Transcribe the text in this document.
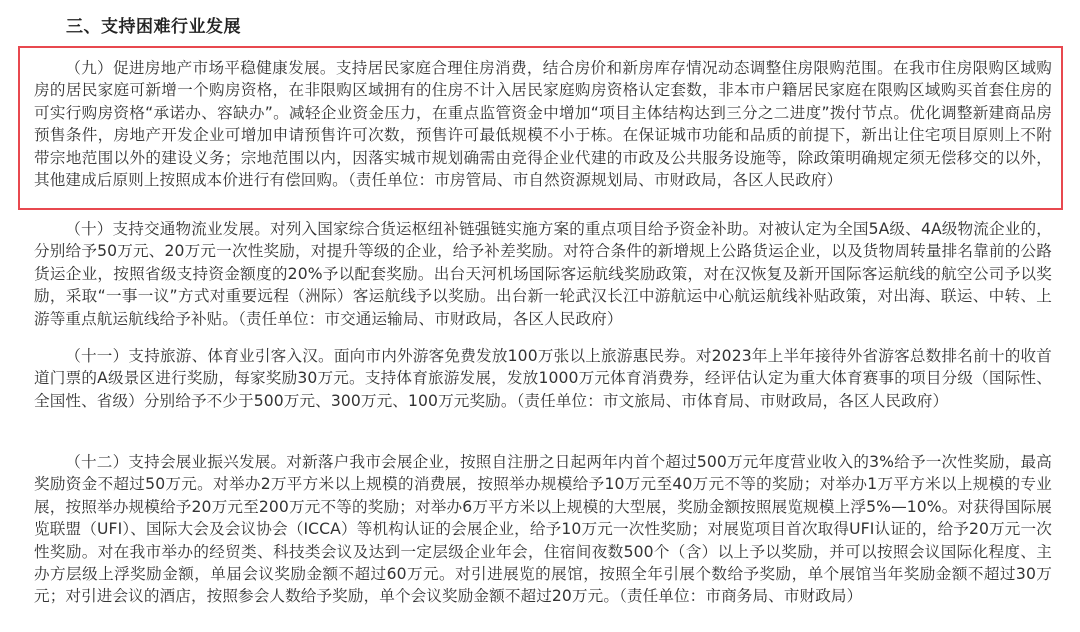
三、支持困难行业发展

（九）促进房地产市场平稳健康发展。支持居民家庭合理住房消费，结合房价和新房库存情况动态调整住房限购范围。在我市住房限购区域购房的居民家庭可新增一个购房资格，在非限购区域拥有的住房不计入居民家庭购房资格认定套数，非本市户籍居民家庭在限购区域购买首套住房的可实行购房资格“承诺办、容缺办”。减轻企业资金压力，在重点监管资金中增加“项目主体结构达到三分之二进度”拨付节点。优化调整新建商品房预售条件，房地产开发企业可增加申请预售许可次数，预售许可最低规模不小于栋。在保证城市功能和品质的前提下，新出让住宅项目原则上不附带宗地范围以外的建设义务；宗地范围以内，因落实城市规划确需由竞得企业代建的市政及公共服务设施等，除政策明确规定须无偿移交的以外，其他建成后原则上按照成本价进行有偿回购。（责任单位：市房管局、市自然资源规划局、市财政局，各区人民政府）

（十）支持交通物流业发展。对列入国家综合货运枢纽补链强链实施方案的重点项目给予资金补助。对被认定为全国5A级、4A级物流企业的，分别给予50万元、20万元一次性奖励，对提升等级的企业，给予补差奖励。对符合条件的新增规上公路货运企业，以及货物周转量排名靠前的公路货运企业，按照省级支持资金额度的20%予以配套奖励。出台天河机场国际客运航线奖励政策，对在汉恢复及新开国际客运航线的航空公司予以奖励，采取“一事一议”方式对重要远程（洲际）客运航线予以奖励。出台新一轮武汉长江中游航运中心航运航线补贴政策，对出海、联运、中转、上游等重点航运航线给予补贴。（责任单位：市交通运输局、市财政局，各区人民政府）

（十一）支持旅游、体育业引客入汉。面向市内外游客免费发放100万张以上旅游惠民券。对2023年上半年接待外省游客总数排名前十的收首道门票的A级景区进行奖励，每家奖励30万元。支持体育旅游发展，发放1000万元体育消费券，经评估认定为重大体育赛事的项目分级（国际性、全国性、省级）分别给予不少于500万元、300万元、100万元奖励。（责任单位：市文旅局、市体育局、市财政局，各区人民政府）

（十二）支持会展业振兴发展。对新落户我市会展企业，按照自注册之日起两年内首个超过500万元年度营业收入的3%给予一次性奖励，最高奖励资金不超过50万元。对举办2万平方米以上规模的消费展，按照举办规模给予10万元至40万元不等的奖励；对举办1万平方米以上规模的专业展，按照举办规模给予20万元至200万元不等的奖励；对举办6万平方米以上规模的大型展，奖励金额按照展览规模上浮5%—10%。对获得国际展览联盟（UFI）、国际大会及会议协会（ICCA）等机构认证的会展企业，给予10万元一次性奖励；对展览项目首次取得UFI认证的，给予20万元一次性奖励。对在我市举办的经贸类、科技类会议及达到一定层级企业年会，住宿间夜数500个（含）以上予以奖励，并可以按照会议国际化程度、主办方层级上浮奖励金额，单届会议奖励金额不超过60万元。对引进展览的展馆，按照全年引展个数给予奖励，单个展馆当年奖励金额不超过30万元；对引进会议的酒店，按照参会人数给予奖励，单个会议奖励金额不超过20万元。（责任单位：市商务局、市财政局）
